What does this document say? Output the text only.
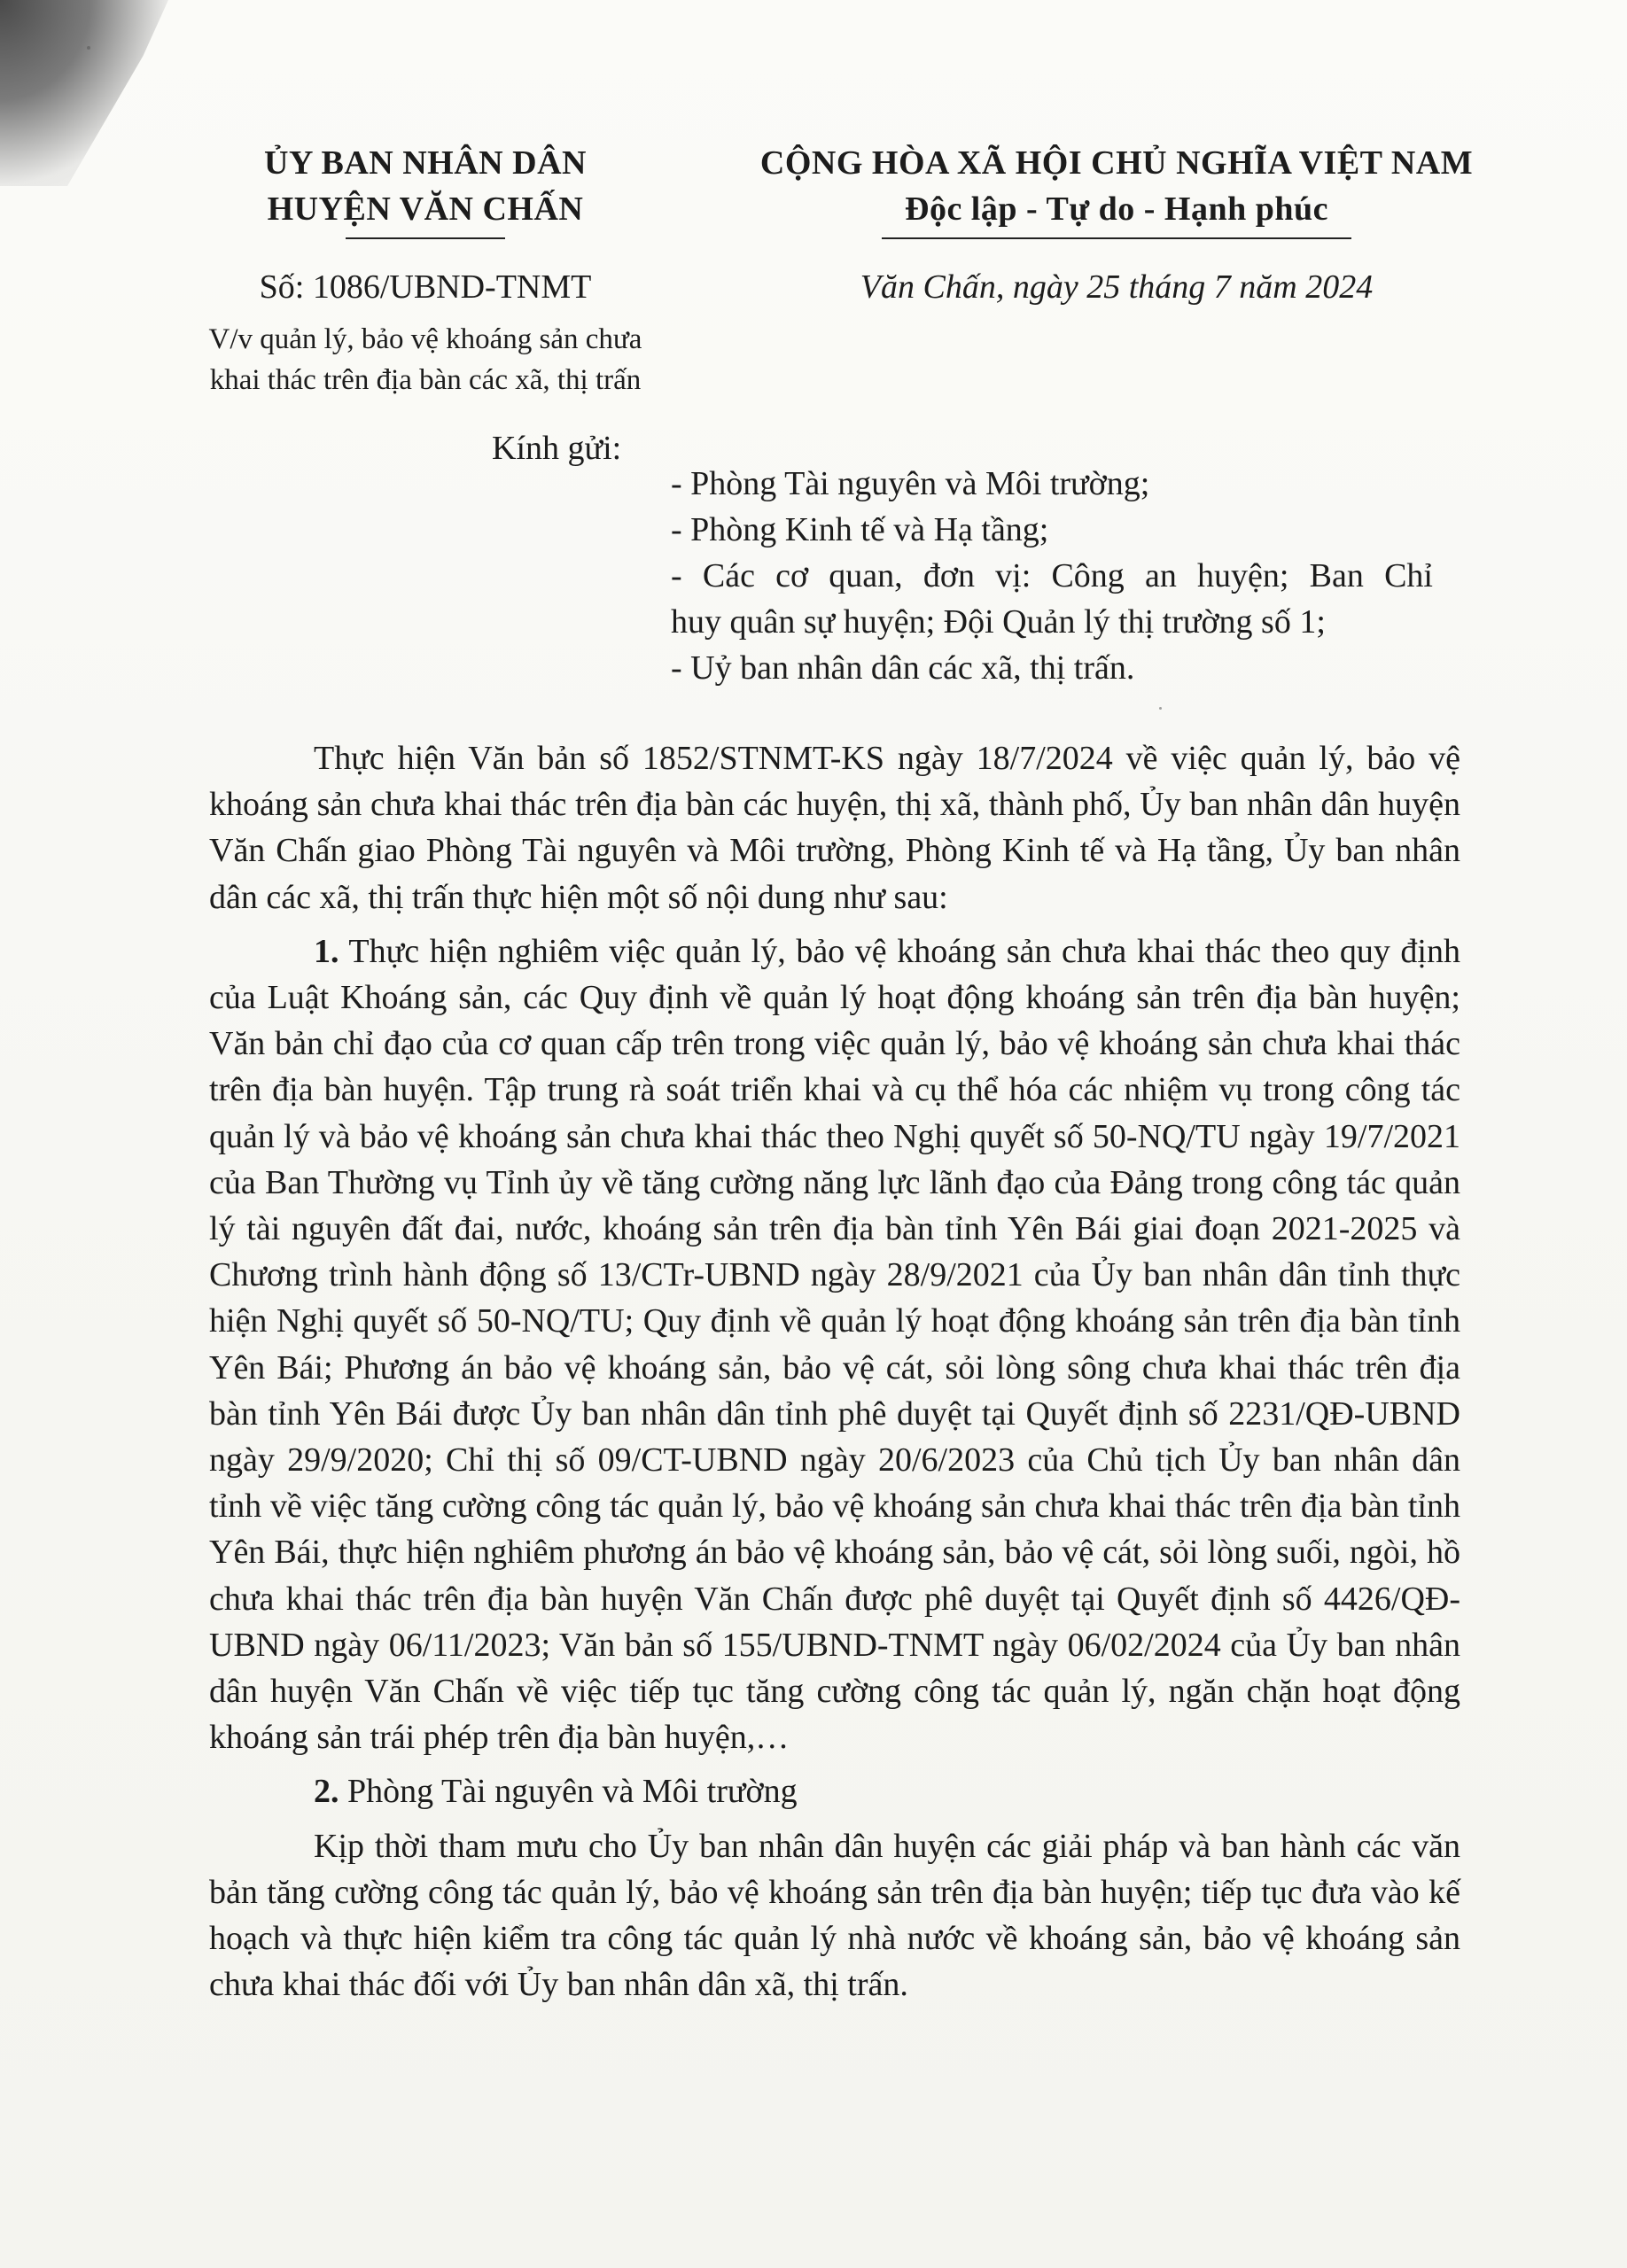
ỦY BAN NHÂN DÂN
HUYỆN VĂN CHẤN
CỘNG HÒA XÃ HỘI CHỦ NGHĨA VIỆT NAM
Độc lập - Tự do - Hạnh phúc
Số: 1086/UBND-TNMT	Văn Chấn, ngày 25 tháng 7 năm 2024
V/v quản lý, bảo vệ khoáng sản chưa
khai thác trên địa bàn các xã, thị trấn
Kính gửi:
- Phòng Tài nguyên và Môi trường;
- Phòng Kinh tế và Hạ tầng;
- Các cơ quan, đơn vị: Công an huyện; Ban Chỉ
huy quân sự huyện; Đội Quản lý thị trường số 1;
- Uỷ ban nhân dân các xã, thị trấn.

Thực hiện Văn bản số 1852/STNMT-KS ngày 18/7/2024 về việc quản lý, bảo vệ khoáng sản chưa khai thác trên địa bàn các huyện, thị xã, thành phố, Ủy ban nhân dân huyện Văn Chấn giao Phòng Tài nguyên và Môi trường, Phòng Kinh tế và Hạ tầng, Ủy ban nhân dân các xã, thị trấn thực hiện một số nội dung như sau:

1. Thực hiện nghiêm việc quản lý, bảo vệ khoáng sản chưa khai thác theo quy định của Luật Khoáng sản, các Quy định về quản lý hoạt động khoáng sản trên địa bàn huyện; Văn bản chỉ đạo của cơ quan cấp trên trong việc quản lý, bảo vệ khoáng sản chưa khai thác trên địa bàn huyện. Tập trung rà soát triển khai và cụ thể hóa các nhiệm vụ trong công tác quản lý và bảo vệ khoáng sản chưa khai thác theo Nghị quyết số 50-NQ/TU ngày 19/7/2021 của Ban Thường vụ Tỉnh ủy về tăng cường năng lực lãnh đạo của Đảng trong công tác quản lý tài nguyên đất đai, nước, khoáng sản trên địa bàn tỉnh Yên Bái giai đoạn 2021-2025 và Chương trình hành động số 13/CTr-UBND ngày 28/9/2021 của Ủy ban nhân dân tỉnh thực hiện Nghị quyết số 50-NQ/TU; Quy định về quản lý hoạt động khoáng sản trên địa bàn tỉnh Yên Bái; Phương án bảo vệ khoáng sản, bảo vệ cát, sỏi lòng sông chưa khai thác trên địa bàn tỉnh Yên Bái được Ủy ban nhân dân tỉnh phê duyệt tại Quyết định số 2231/QĐ-UBND ngày 29/9/2020; Chỉ thị số 09/CT-UBND ngày 20/6/2023 của Chủ tịch Ủy ban nhân dân tỉnh về việc tăng cường công tác quản lý, bảo vệ khoáng sản chưa khai thác trên địa bàn tỉnh Yên Bái, thực hiện nghiêm phương án bảo vệ khoáng sản, bảo vệ cát, sỏi lòng suối, ngòi, hồ chưa khai thác trên địa bàn huyện Văn Chấn được phê duyệt tại Quyết định số 4426/QĐ-UBND ngày 06/11/2023; Văn bản số 155/UBND-TNMT ngày 06/02/2024 của Ủy ban nhân dân huyện Văn Chấn về việc tiếp tục tăng cường công tác quản lý, ngăn chặn hoạt động khoáng sản trái phép trên địa bàn huyện,…

2. Phòng Tài nguyên và Môi trường

Kịp thời tham mưu cho Ủy ban nhân dân huyện các giải pháp và ban hành các văn bản tăng cường công tác quản lý, bảo vệ khoáng sản trên địa bàn huyện; tiếp tục đưa vào kế hoạch và thực hiện kiểm tra công tác quản lý nhà nước về khoáng sản, bảo vệ khoáng sản chưa khai thác đối với Ủy ban nhân dân xã, thị trấn.
